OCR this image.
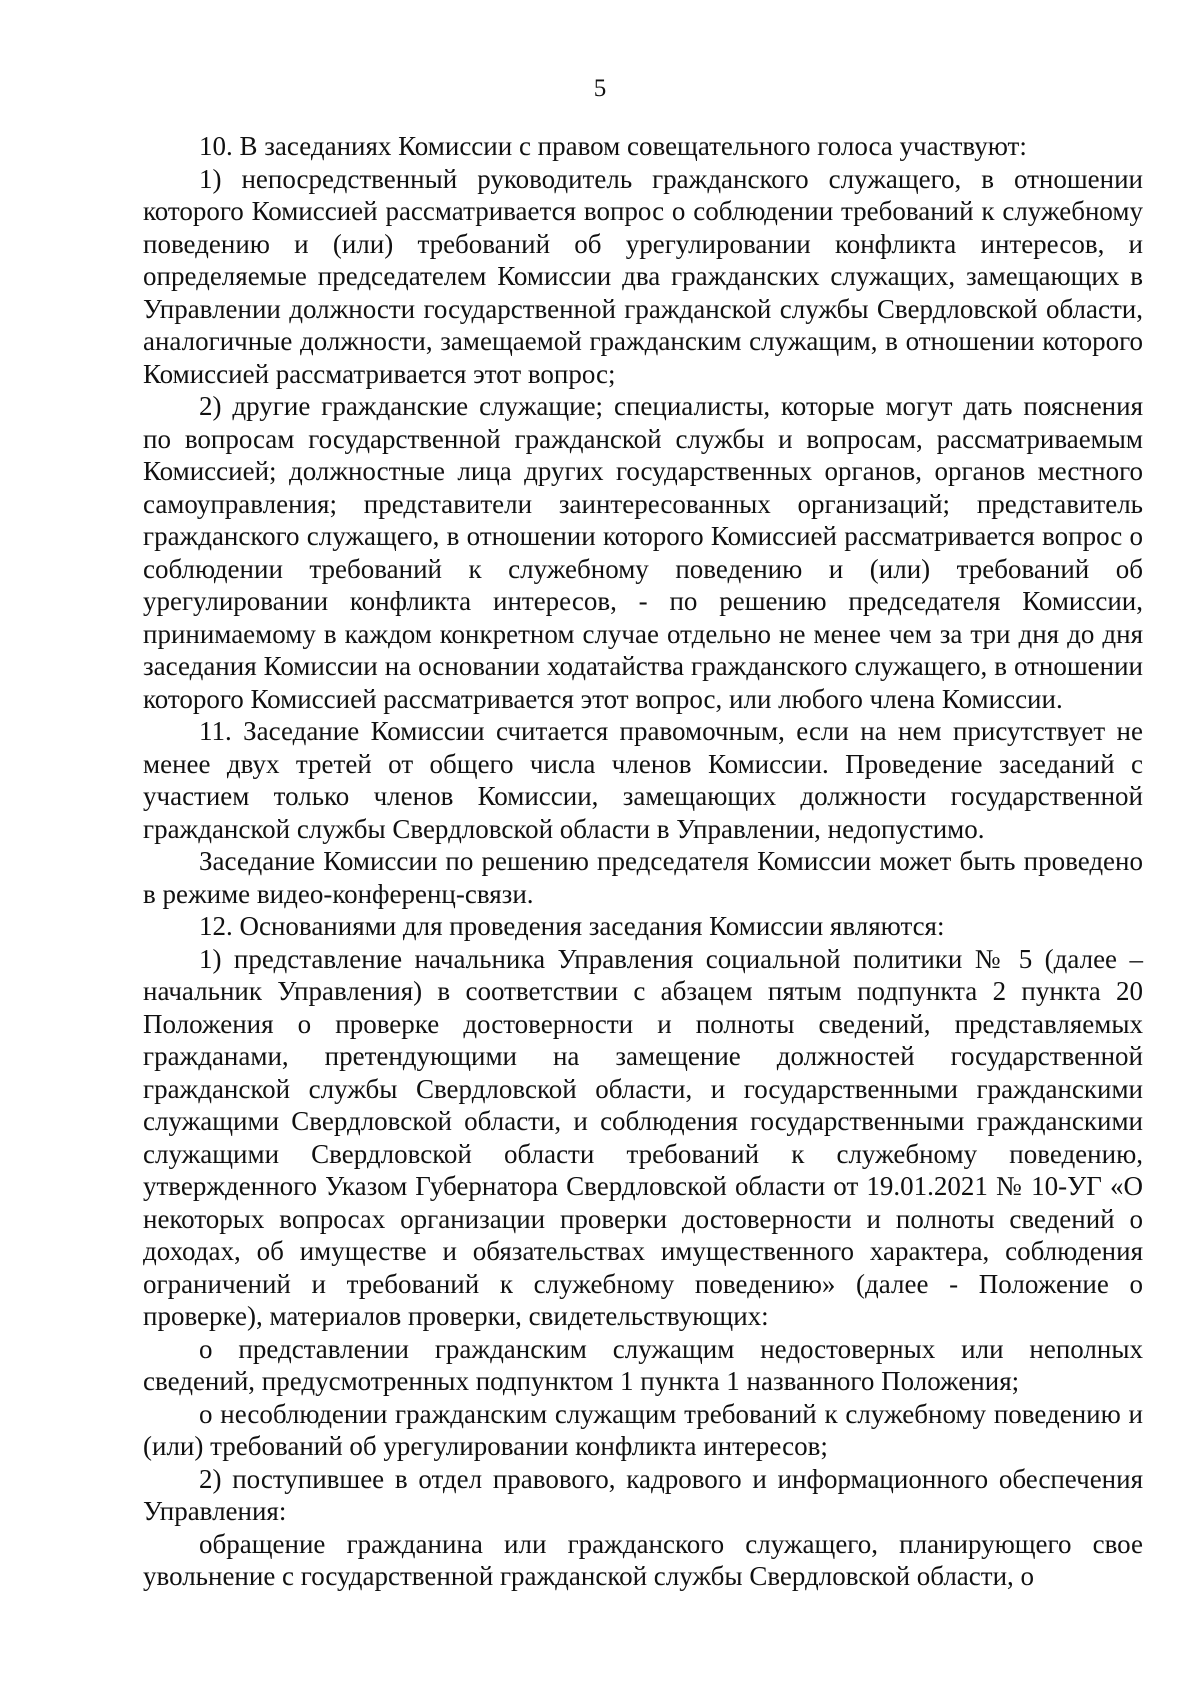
5

10. В заседаниях Комиссии с правом совещательного голоса участвуют:

1) непосредственный руководитель гражданского служащего, в отношении которого Комиссией рассматривается вопрос о соблюдении требований к служебному поведению и (или) требований об урегулировании конфликта интересов, и определяемые председателем Комиссии два гражданских служащих, замещающих в Управлении должности государственной гражданской службы Свердловской области, аналогичные должности, замещаемой гражданским служащим, в отношении которого Комиссией рассматривается этот вопрос;

2) другие гражданские служащие; специалисты, которые могут дать пояснения по вопросам государственной гражданской службы и вопросам, рассматриваемым Комиссией; должностные лица других государственных органов, органов местного самоуправления; представители заинтересованных организаций; представитель гражданского служащего, в отношении которого Комиссией рассматривается вопрос о соблюдении требований к служебному поведению и (или) требований об урегулировании конфликта интересов, - по решению председателя Комиссии, принимаемому в каждом конкретном случае отдельно не менее чем за три дня до дня заседания Комиссии на основании ходатайства гражданского служащего, в отношении которого Комиссией рассматривается этот вопрос, или любого члена Комиссии.

11. Заседание Комиссии считается правомочным, если на нем присутствует не менее двух третей от общего числа членов Комиссии. Проведение заседаний с участием только членов Комиссии, замещающих должности государственной гражданской службы Свердловской области в Управлении, недопустимо.

Заседание Комиссии по решению председателя Комиссии может быть проведено в режиме видео-конференц-связи.

12. Основаниями для проведения заседания Комиссии являются:

1) представление начальника Управления социальной политики № 5 (далее – начальник Управления) в соответствии с абзацем пятым подпункта 2 пункта 20 Положения о проверке достоверности и полноты сведений, представляемых гражданами, претендующими на замещение должностей государственной гражданской службы Свердловской области, и государственными гражданскими служащими Свердловской области, и соблюдения государственными гражданскими служащими Свердловской области требований к служебному поведению, утвержденного Указом Губернатора Свердловской области от 19.01.2021 № 10-УГ «О некоторых вопросах организации проверки достоверности и полноты сведений о доходах, об имуществе и обязательствах имущественного характера, соблюдения ограничений и требований к служебному поведению» (далее - Положение о проверке), материалов проверки, свидетельствующих:

о представлении гражданским служащим недостоверных или неполных сведений, предусмотренных подпунктом 1 пункта 1 названного Положения;

о несоблюдении гражданским служащим требований к служебному поведению и (или) требований об урегулировании конфликта интересов;

2) поступившее в отдел правового, кадрового и информационного обеспечения Управления:

обращение гражданина или гражданского служащего, планирующего свое увольнение с государственной гражданской службы Свердловской области, о
